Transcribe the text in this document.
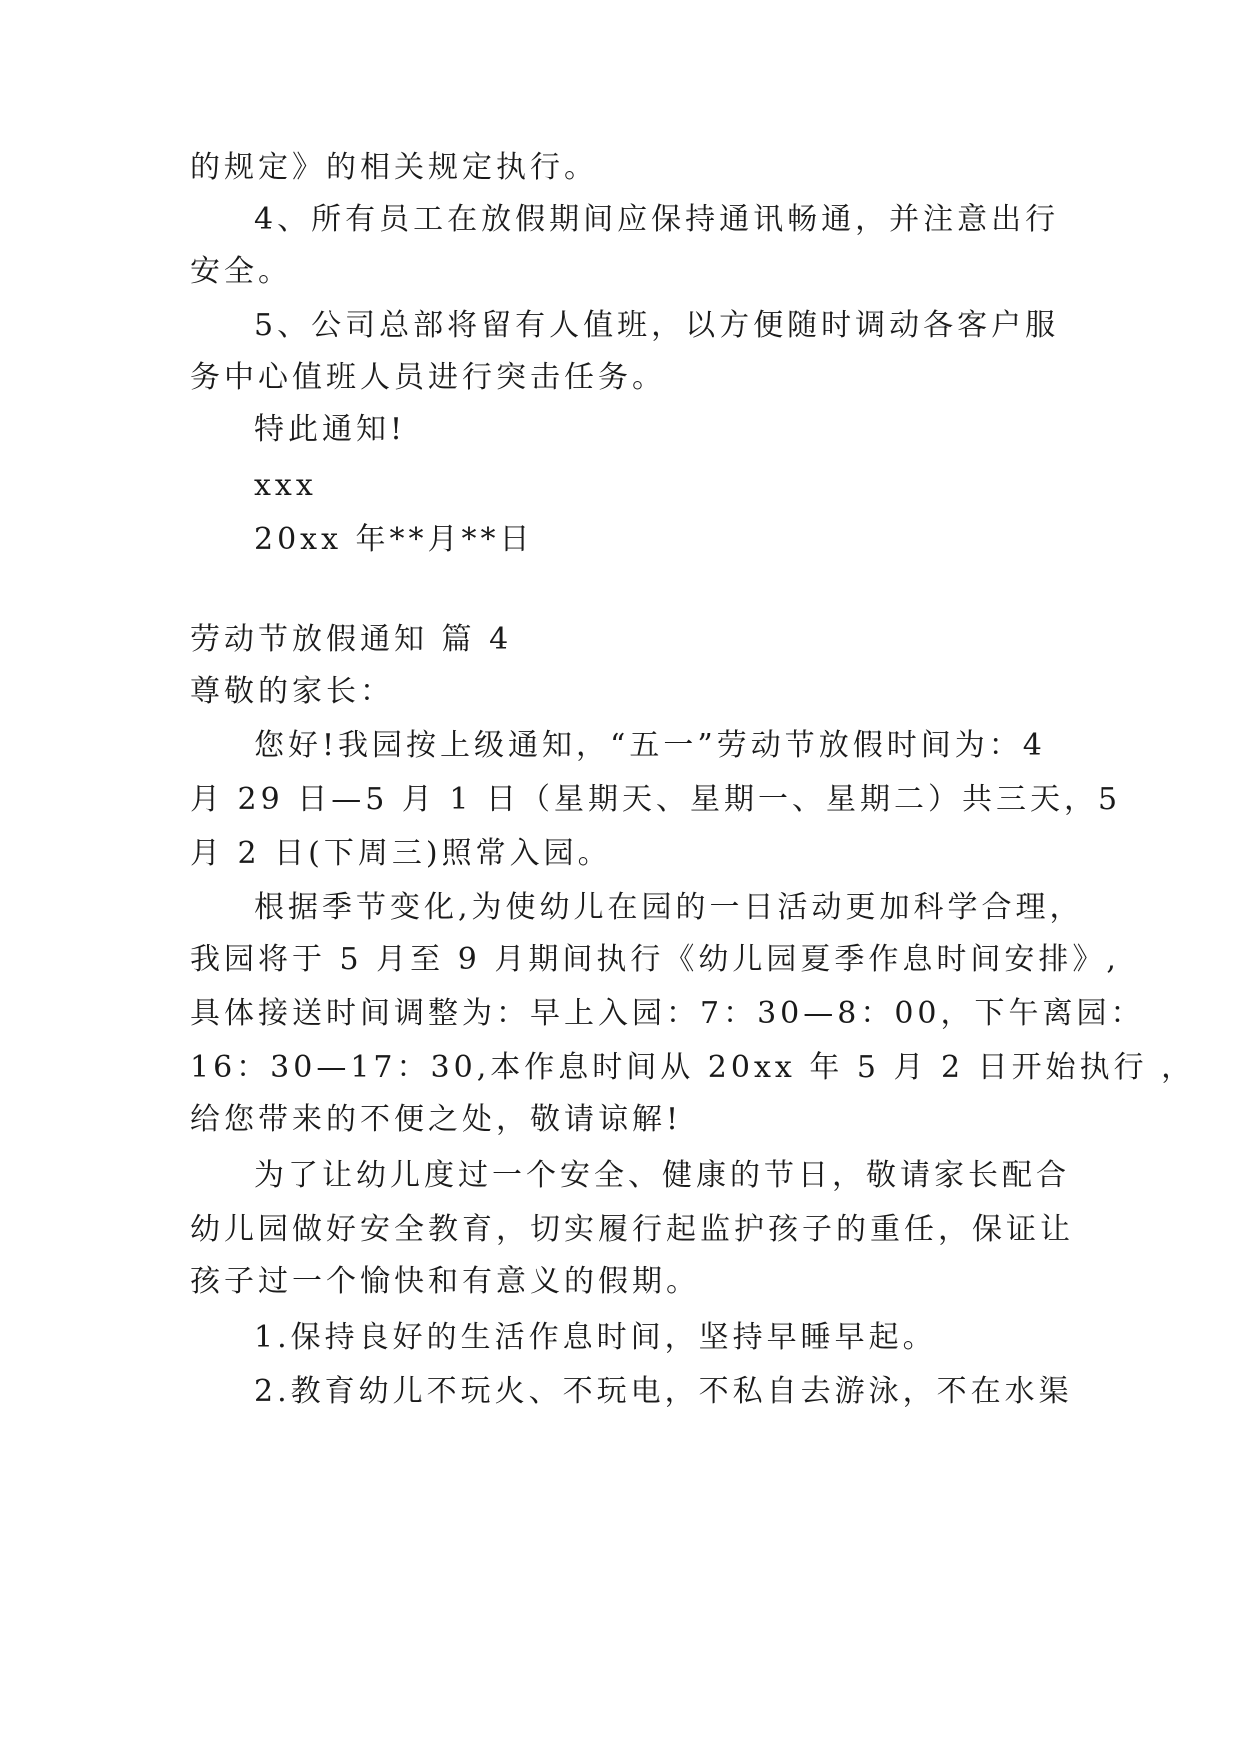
的规定》的相关规定执行。
4、所有员工在放假期间应保持通讯畅通，并注意出行
安全。
5、公司总部将留有人值班，以方便随时调动各客户服
务中心值班人员进行突击任务。
特此通知!
xxx
20xx 年**月**日
劳动节放假通知 篇 4
尊敬的家长：
您好!我园按上级通知，“五一”劳动节放假时间为：4
月 29 日—5 月 1 日（星期天、星期一、星期二）共三天，5
月 2 日(下周三)照常入园。
根据季节变化,为使幼儿在园的一日活动更加科学合理，
我园将于 5 月至 9 月期间执行《幼儿园夏季作息时间安排》,
具体接送时间调整为：早上入园：7：30—8：00，下午离园：
16：30—17：30,本作息时间从 20xx 年 5 月 2 日开始执行 ，
给您带来的不便之处，敬请谅解!
为了让幼儿度过一个安全、健康的节日，敬请家长配合
幼儿园做好安全教育，切实履行起监护孩子的重任，保证让
孩子过一个愉快和有意义的假期。
1.保持良好的生活作息时间，坚持早睡早起。
2.教育幼儿不玩火、不玩电，不私自去游泳，不在水渠
